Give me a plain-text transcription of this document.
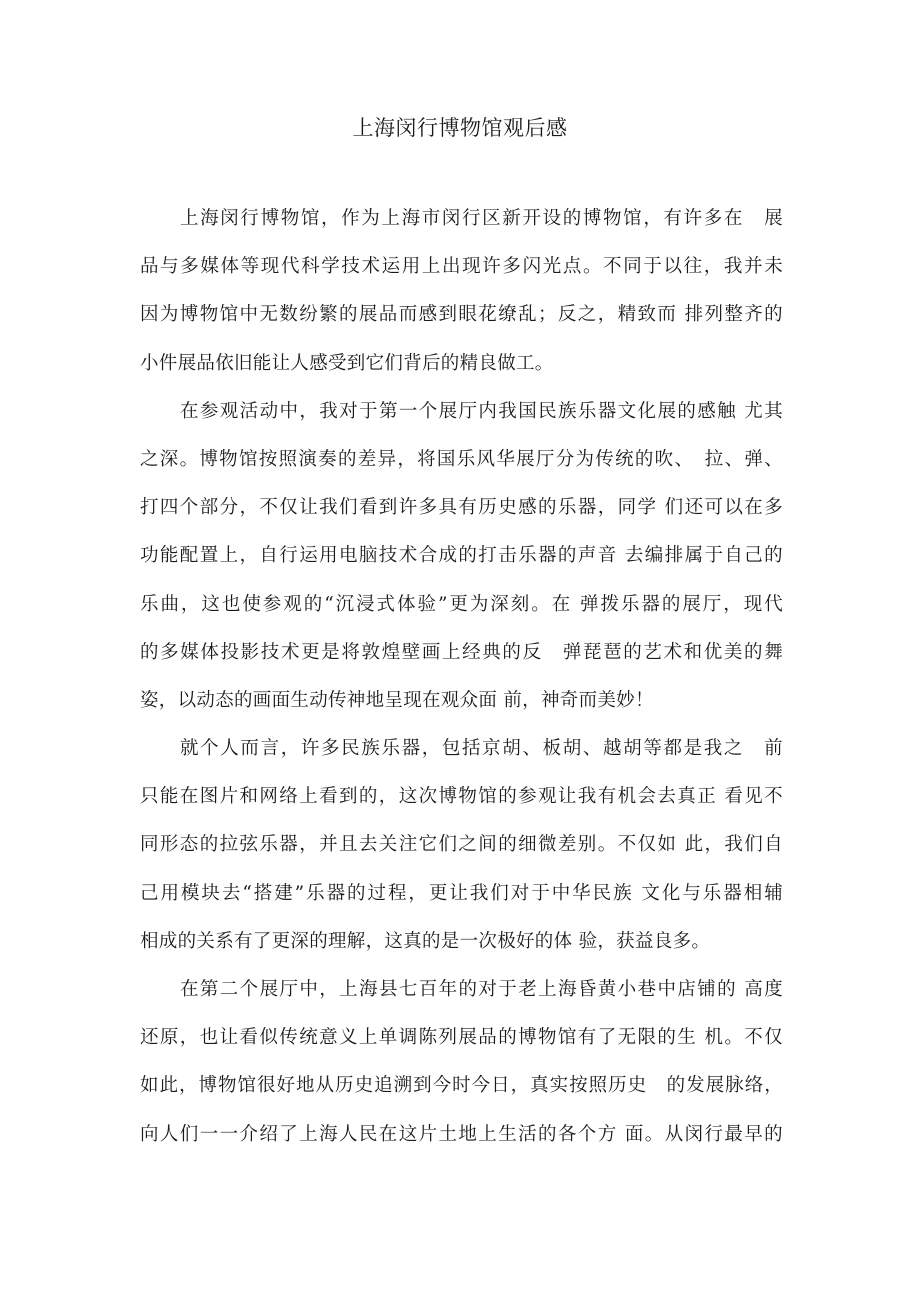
上海闵行博物馆观后感
上海闵行博物馆，作为上海市闵行区新开设的博物馆，有许多在　展
品与多媒体等现代科学技术运用上出现许多闪光点。不同于以往，我并未
因为博物馆中无数纷繁的展品而感到眼花缭乱；反之，精致而 排列整齐的
小件展品依旧能让人感受到它们背后的精良做工。
在参观活动中，我对于第一个展厅内我国民族乐器文化展的感触 尤其
之深。博物馆按照演奏的差异，将国乐风华展厅分为传统的吹、　拉、弹、
打四个部分，不仅让我们看到许多具有历史感的乐器，同学 们还可以在多
功能配置上，自行运用电脑技术合成的打击乐器的声音 去编排属于自己的
乐曲，这也使参观的“沉浸式体验”更为深刻。在 弹拨乐器的展厅，现代
的多媒体投影技术更是将敦煌壁画上经典的反　弹琵琶的艺术和优美的舞
姿，以动态的画面生动传神地呈现在观众面 前，神奇而美妙！
就个人而言，许多民族乐器，包括京胡、板胡、越胡等都是我之　前
只能在图片和网络上看到的，这次博物馆的参观让我有机会去真正 看见不
同形态的拉弦乐器，并且去关注它们之间的细微差别。不仅如 此，我们自
己用模块去“搭建”乐器的过程，更让我们对于中华民族 文化与乐器相辅
相成的关系有了更深的理解，这真的是一次极好的体 验，获益良多。
在第二个展厅中，上海县七百年的对于老上海昏黄小巷中店铺的 高度
还原，也让看似传统意义上单调陈列展品的博物馆有了无限的生 机。不仅
如此，博物馆很好地从历史追溯到今时今日，真实按照历史　的发展脉络，
向人们一一介绍了上海人民在这片土地上生活的各个方 面。从闵行最早的
